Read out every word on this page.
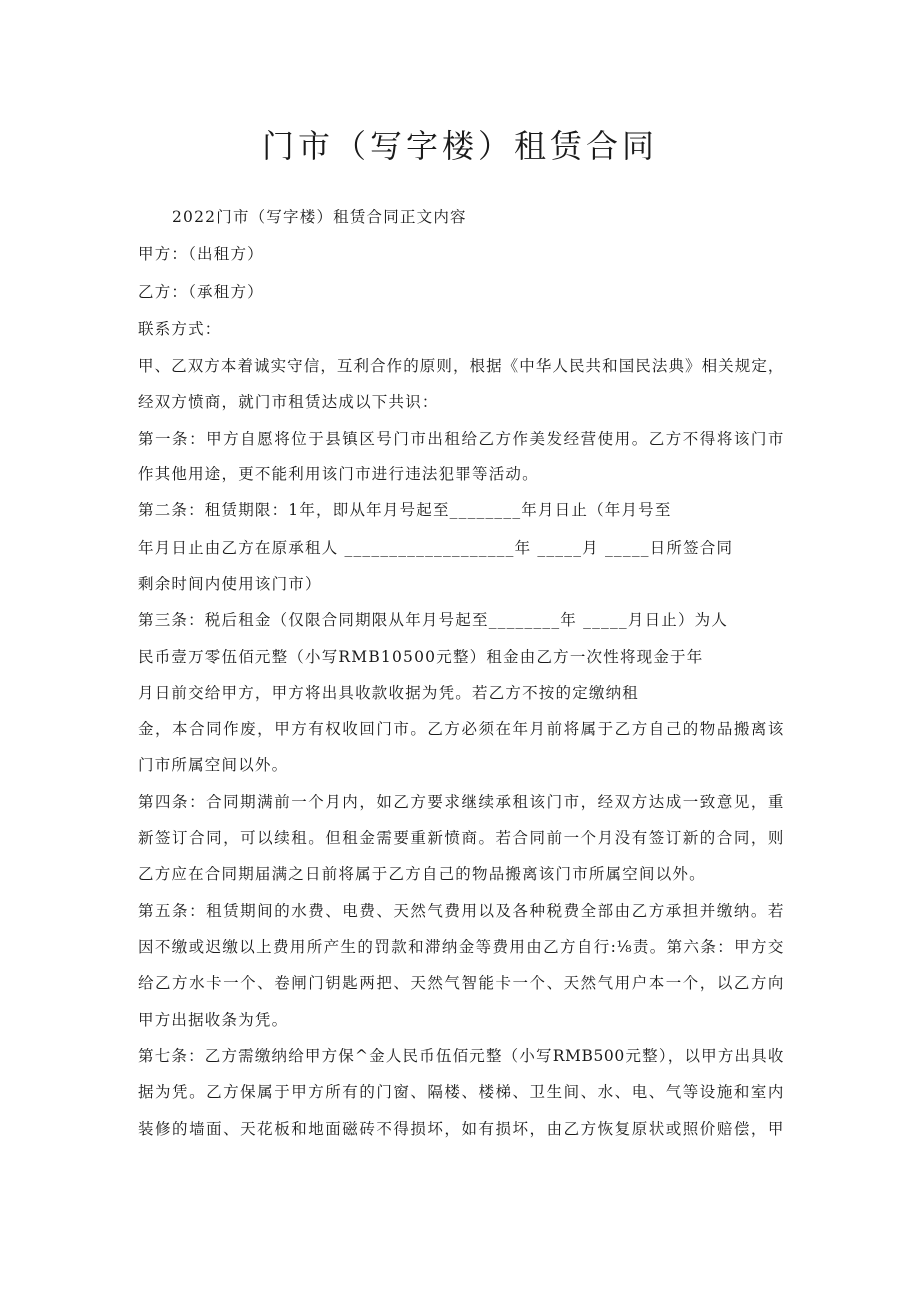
门市（写字楼）租赁合同

2022门市（写字楼）租赁合同正文内容

甲方：（出租方）

乙方：（承租方）

联系方式：

甲、乙双方本着诚实守信，互利合作的原则，根据《中华人民共和国民法典》相关规定，

经双方愤商，就门市租赁达成以下共识：

第一条：甲方自愿将位于县镇区号门市出租给乙方作美发经营使用。乙方不得将该门市

作其他用途，更不能利用该门市进行违法犯罪等活动。

第二条：租赁期限：1年，即从年月号起至________年月日止（年月号至

年月日止由乙方在原承租人 ___________________年 _____月 _____日所签合同

剩余时间内使用该门市）

第三条：税后租金（仅限合同期限从年月号起至________年 _____月日止）为人

民币壹万零伍佰元整（小写RMB10500元整）租金由乙方一次性将现金于年

月日前交给甲方，甲方将出具收款收据为凭。若乙方不按的定缴纳租

金，本合同作废，甲方有权收回门市。乙方必须在年月前将属于乙方自己的物品搬离该

门市所属空间以外。

第四条：合同期满前一个月内，如乙方要求继续承租该门市，经双方达成一致意见，重

新签订合同，可以续租。但租金需要重新愤商。若合同前一个月没有签订新的合同，则

乙方应在合同期届满之日前将属于乙方自己的物品搬离该门市所属空间以外。

第五条：租赁期间的水费、电费、天然气费用以及各种税费全部由乙方承担并缴纳。若

因不缴或迟缴以上费用所产生的罚款和滞纳金等费用由乙方自行:⅛责。第六条：甲方交

给乙方水卡一个、卷闸门钥匙两把、天然气智能卡一个、天然气用户本一个，以乙方向

甲方出据收条为凭。

第七条：乙方需缴纳给甲方保^金人民币伍佰元整（小写RMB500元整），以甲方出具收

据为凭。乙方保属于甲方所有的门窗、隔楼、楼梯、卫生间、水、电、气等设施和室内

装修的墙面、天花板和地面磁砖不得损坏，如有损坏，由乙方恢复原状或照价赔偿，甲
